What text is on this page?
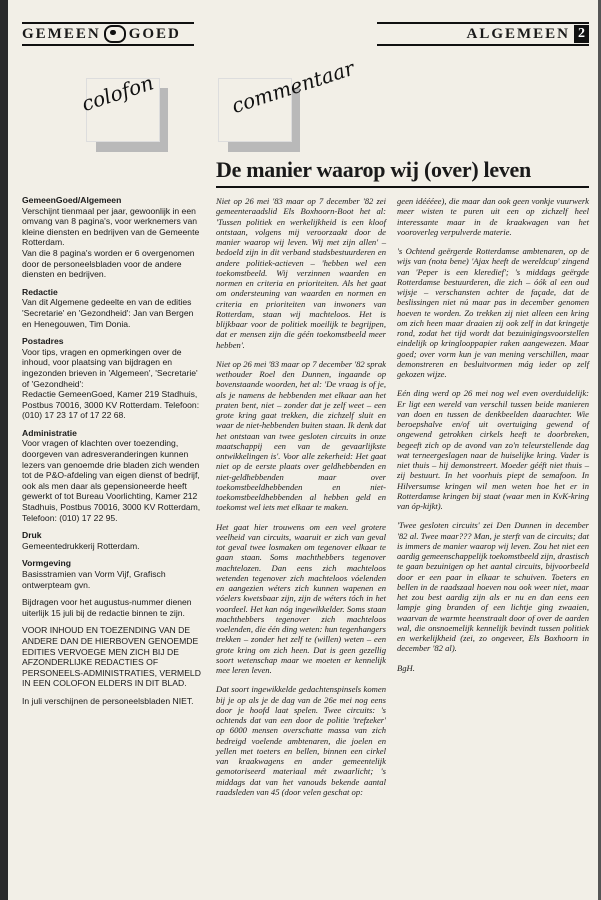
GEMEEN GOED	ALGEMEEN 2
colofon	commentaar
De manier waarop wij (over) leven

GemeenGoed/Algemeen

Verschijnt tienmaal per jaar, gewoonlijk in een omvang van 8 pagina's, voor werknemers van kleine diensten en bedrijven van de Gemeente Rotterdam.

Van die 8 pagina's worden er 6 overgenomen door de personeelsbladen voor de andere diensten en bedrijven.

Redactie

Van dit Algemene gedeelte en van de edities 'Secretarie' en 'Gezondheid': Jan van Bergen en Henegouwen, Tim Donia.

Postadres

Voor tips, vragen en opmerkingen over de inhoud, voor plaatsing van bijdragen en ingezonden brieven in 'Algemeen', 'Secretarie' of 'Gezondheid':

Redactie GemeenGoed, Kamer 219 Stadhuis, Postbus 70016, 3000 KV Rotterdam. Telefoon: (010) 17 23 17 of 17 22 68.

Administratie

Voor vragen of klachten over toezending, doorgeven van adresveranderingen kunnen lezers van genoemde drie bladen zich wenden tot de P&O-afdeling van eigen dienst of bedrijf, ook als men daar als gepensioneerde heeft gewerkt of tot Bureau Voorlichting, Kamer 212 Stadhuis, Postbus 70016, 3000 KV Rotterdam, Telefoon: (010) 17 22 95.

Druk

Gemeentedrukkerij Rotterdam.

Vormgeving

Basisstramien van Vorm Vijf, Grafisch ontwerpteam gvn.

Bijdragen voor het augustus-nummer dienen uiterlijk 15 juli bij de redactie binnen te zijn.

VOOR INHOUD EN TOEZENDING VAN DE ANDERE DAN DE HIERBOVEN GENOEMDE EDITIES VERVOEGE MEN ZICH BIJ DE AFZONDERLIJKE REDACTIES OF PERSONEELS-ADMINISTRATIES, VERMELD IN EEN COLOFON ELDERS IN DIT BLAD.

In juli verschijnen de personeelsbladen NIET.

Niet op 26 mei '83 maar op 7 december '82 zei gemeenteraadslid Els Boxhoorn-Boot het al: 'Tussen politiek en werkelijkheid is een kloof ontstaan, volgens mij veroorzaakt door de manier waarop wij leven. Wij met zijn allen' – bedoeld zijn in dit verband stadsbestuurderen en andere politiek-actieven – 'hebben wel een toekomstbeeld. Wij verzinnen waarden en normen en criteria en prioriteiten. Als het gaat om ondersteuning van waarden en normen en criteria en prioriteiten van inwoners van Rotterdam, staan wij machteloos. Het is blijkbaar voor de politiek moeilijk te begrijpen, dat er mensen zijn die géén toekomstbeeld meer hebben'.

Niet op 26 mei '83 maar op 7 december '82 sprak wethouder Roel den Dunnen, ingaande op bovenstaande woorden, het al: 'De vraag is of je, als je namens de hebbenden met elkaar aan het praten bent, niet – zonder dat je zelf weet – een grote kring gaat trekken, die zichzelf sluit en waar de niet-hebbenden buiten staan. Ik denk dat het ontstaan van twee gesloten circuits in onze maatschappij een van de gevaarlijkste ontwikkelingen is'. Voor alle zekerheid: Het gaat niet op de eerste plaats over geldhebbenden en niet-geldhebbenden maar over toekomstbeeldhebbenden en niet-toekomstbeeldhebbenden al hebben geld en toekomst wel iets met elkaar te maken.

Het gaat hier trouwens om een veel grotere veelheid van circuits, waaruit er zich van geval tot geval twee losmaken om tegenover elkaar te gaan staan. Soms machthebbers tegenover machtelozen. Dan eens zich machteloos wetenden tegenover zich machteloos vóelenden en aangezien wéters zich kunnen wapenen en vóelers kwetsbaar zijn, zijn de wéters tóch in het voordeel. Het kan nóg ingewikkelder. Soms staan machthebbers tegenover zich machteloos voelenden, die één ding weten: hun tegenhangers trekken – zonder het zelf te (willen) weten – een grote kring om zich heen. Dat is geen gezellig soort wetenschap maar we moeten er kennelijk mee leren leven.

Dat soort ingewikkelde gedachtenspinsels komen bij je op als je de dag van de 26e mei nog eens door je hoofd laat spelen. Twee circuits: 's ochtends dat van een door de politie 'trefzeker' op 6000 mensen overschatte massa van zich bedreigd voelende ambtenaren, die joelen en yellen met toeters en bellen, binnen een cirkel van kraakwagens en ander gemeentelijk gemotoriseerd materiaal mét zwaarlicht; 's middags dat van het vanouds bekende aantal raadsleden van 45 (door velen geschat op:

geen idéééee), die maar dan ook geen vonkje vuurwerk meer wisten te puren uit een op zichzelf heel interessante maar in de kraakwagen van het vooroverleg verpulverde materie.

's Ochtend geërgerde Rotterdamse ambtenaren, op de wijs van (nota bene) 'Ajax heeft de wereldcup' zingend van 'Peper is een kleredief'; 's middags geërgde Rotterdamse bestuurderen, die zich – óók al een oud wijsje – verschansten achter de façade, dat de beslissingen niet nú maar pas in december genomen hoeven te worden. Zo trekken zij niet alleen een kring om zich heen maar draaien zij ook zelf in dat kringetje rond, zodat het tijd wordt dat bezuinigingsvoorstellen eindelijk op kringlooppapier raken aangewezen. Maar goed; over vorm kun je van mening verschillen, maar demonstreren en besluitvormen mág ieder op zelf gekozen wijze.

Eén ding werd op 26 mei nog wel even overduidelijk: Er ligt een wereld van verschil tussen beide manieren van doen en tussen de denkbeelden daarachter. Wie beroepshalve en/of uit overtuiging gewend of ongewend getrokken cirkels heeft te doorbreken, begeeft zich op de avond van zo'n teleurstellende dag wat terneergeslagen naar de huiselijke kring. Vader is niet thuis – hij demonstreert. Moeder gééft niet thuis – zij bestuurt. In het voorhuis piept de semafoon. In Hilversumse kringen wil men weten hoe het er in Rotterdamse kringen bij staat (waar men in KvK-kring van óp-kijkt).

'Twee gesloten circuits' zei Den Dunnen in december '82 al. Twee maar??? Man, je sterft van de circuits; dat is immers de manier waarop wij leven. Zou het niet een aardig gemeenschappelijk toekomstbeeld zijn, drastisch te gaan bezuinigen op het aantal circuits, bijvoorbeeld door er een paar in elkaar te schuiven. Toeters en bellen in de raadszaal hoeven nou ook weer niet, maar het zou best aardig zijn als er nu en dan eens een lampje ging branden of een lichtje ging zwaaien, waarvan de warmte heenstraalt door of over de aarden wal, die onsnoemelijk kennelijk bevindt tussen politiek en werkelijkheid (zei, zo ongeveer, Els Boxhoorn in december '82 al).

BgH.
